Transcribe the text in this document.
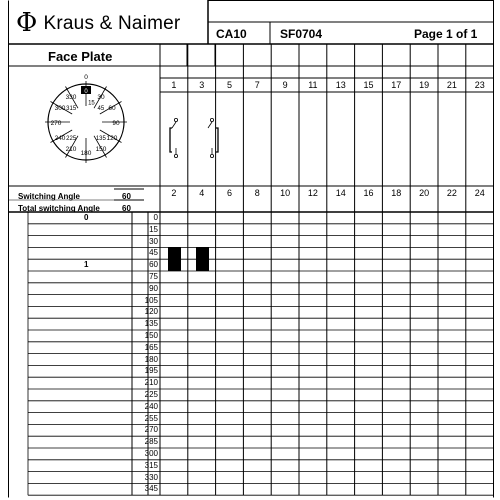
Φ Kraus & Naimer	CA10	SF0704	Page 1 of 1
Face Plate
0
30
60
90
120
150
180
210
240
270
300
330
15
45
135
225
315
0
Switching Angle	60
Total switching Angle	60
1	3	5	7	9	11	13	15	17	19	21	23
2	4	6	8	10	12	14	16	18	20	22	24
0
0
15
30
45
60
1
75
90
105
120
135
150
165
180
195
210
225
240
255
270
285
300
315
330
345
